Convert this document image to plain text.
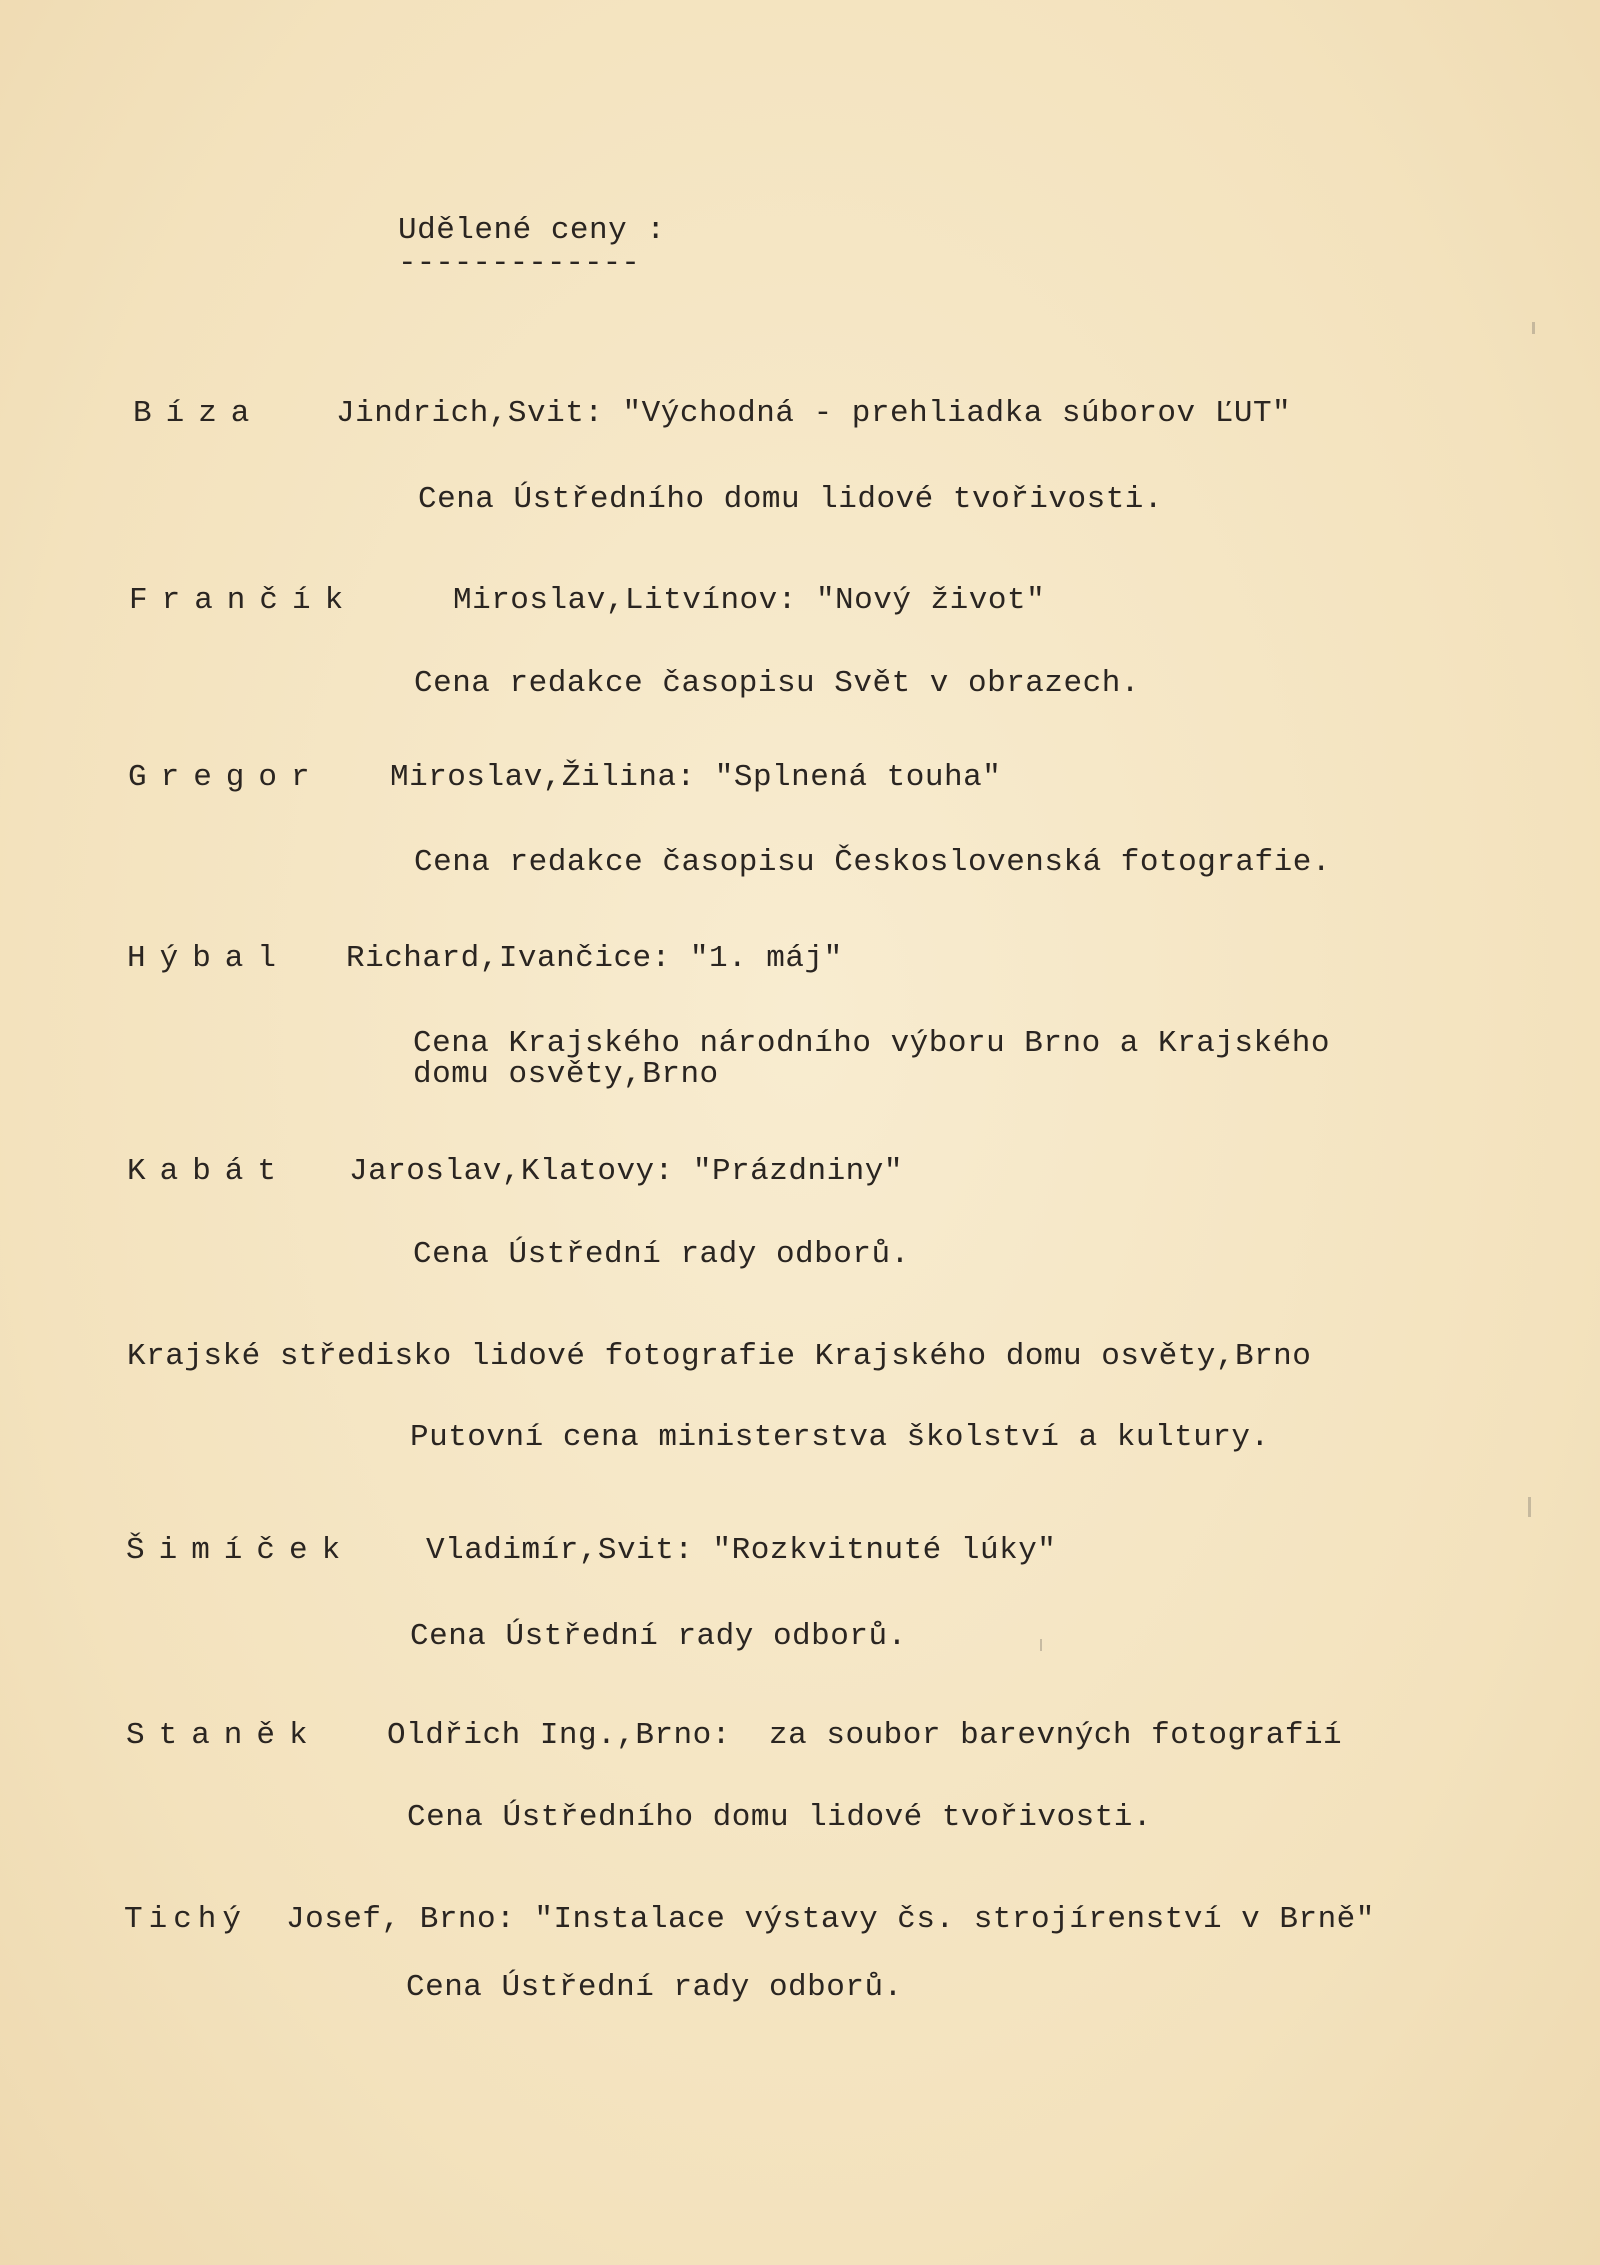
Udělené ceny :
-------------
Bíza Jindrich,Svit: "Východná - prehliadka súborov ĽUT"
Cena Ústředního domu lidové tvořivosti.
Frančík	Miroslav,Litvínov: "Nový život"
Cena redakce časopisu Svět v obrazech.
Gregor Miroslav,Žilina: "Splnená touha"
Cena redakce časopisu Československá fotografie.
Hýbal Richard,Ivančice: "1. máj"
Cena Krajského národního výboru Brno a Krajského
domu osvěty,Brno
Kabát Jaroslav,Klatovy: "Prázdniny"
Cena Ústřední rady odborů.
Krajské středisko lidové fotografie Krajského domu osvěty,Brno
Putovní cena ministerstva školství a kultury.
Šimíček Vladimír,Svit: "Rozkvitnuté lúky"
Cena Ústřední rady odborů.
Staněk Oldřich Ing.,Brno:  za soubor barevných fotografií
Cena Ústředního domu lidové tvořivosti.
Tichý Josef, Brno: "Instalace výstavy čs. strojírenství v Brně"
Cena Ústřední rady odborů.
